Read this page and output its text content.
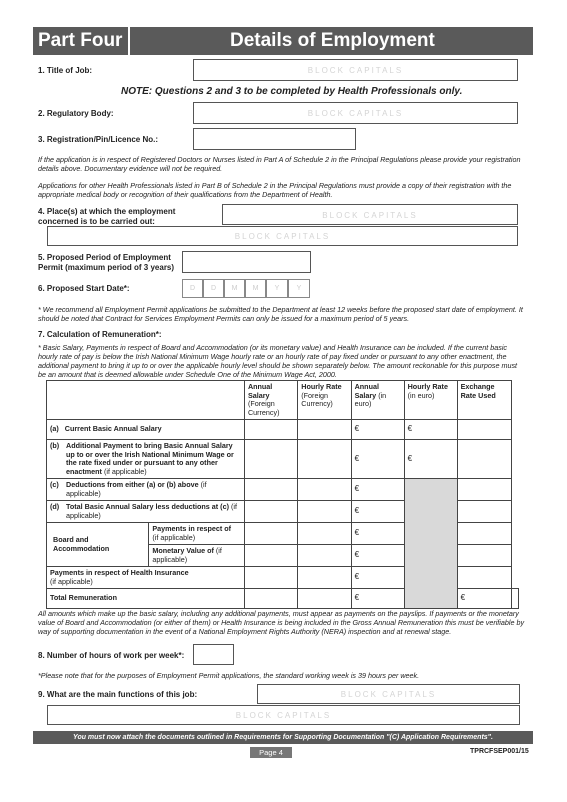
Part Four	Details of Employment
1. Title of Job:	BLOCK CAPITALS
NOTE: Questions 2 and 3 to be completed by Health Professionals only.
2. Regulatory Body:	BLOCK CAPITALS
3. Registration/Pin/Licence No.:
If the application is in respect of Registered Doctors or Nurses listed in Part A of Schedule 2 in the Principal Regulations please provide your registration details above. Documentary evidence will not be required.
Applications for other Health Professionals listed in Part B of Schedule 2 in the Principal Regulations must provide a copy of their registration with the appropriate medical body or recognition of their qualifications from the Department of Health.
4. Place(s) at which the employment concerned is to be carried out:
BLOCK CAPITALS
BLOCK CAPITALS
5. Proposed Period of Employment Permit (maximum period of 3 years)
6. Proposed Start Date*:	D	D	M	M	Y	Y
* We recommend all Employment Permit applications be submitted to the Department at least 12 weeks before the proposed start date of employment. It should be noted that Contract for Services Employment Permits can only be issued for a maximum period of 5 years.
7. Calculation of Remuneration*:
* Basic Salary, Payments in respect of Board and Accommodation (or its monetary value) and Health Insurance can be included. If the current basic hourly rate of pay is below the Irish National Minimum Wage hourly rate or an hourly rate of pay fixed under or pursuant to any other enactment, the additional payment to bring it up to or over the applicable hourly level should be shown separately below. The amount reckonable for this purpose must be an amount that is deemed allowable under Schedule One of the Minimum Wage Act, 2000.
		Annual Salary (Foreign Currency)	Hourly Rate (Foreign Currency)	Annual Salary (in euro)	Hourly Rate (in euro)	Exchange Rate Used	
(a) Current Basic Annual Salary				€	€		

(b) Additional Payment to bring Basic Annual Salary up to or over the Irish National Minimum Wage or the rate fixed under or pursuant to any other enactment (if applicable)				€	€		

(c) Deductions from either (a) or (b) above (if applicable)				€			

(d) Total Basic Annual Salary less deductions at (c) (if applicable)				€			
Board and Accommodation	Payments in respect of
(if applicable)			€			
	Monetary Value of (if applicable)			€			
Payments in respect of Health Insurance
(if applicable)				€			
Total Remuneration				€		€	
All amounts which make up the basic salary, including any additional payments, must appear as payments on the payslips. If payments or the monetary value of Board and Accommodation (or either of them) or Health Insurance is being included in the Gross Annual Remuneration this must be verifiable by way of supporting documentation in the event of a National Employment Rights Authority (NERA) inspection and at renewal stage.
8. Number of hours of work per week*:
*Please note that for the purposes of Employment Permit applications, the standard working week is 39 hours per week.
9. What are the main functions of this job:	BLOCK CAPITALS
BLOCK CAPITALS
You must now attach the documents outlined in Requirements for Supporting Documentation "(C) Application Requirements".
Page 4	TPRCFSEP001/15
